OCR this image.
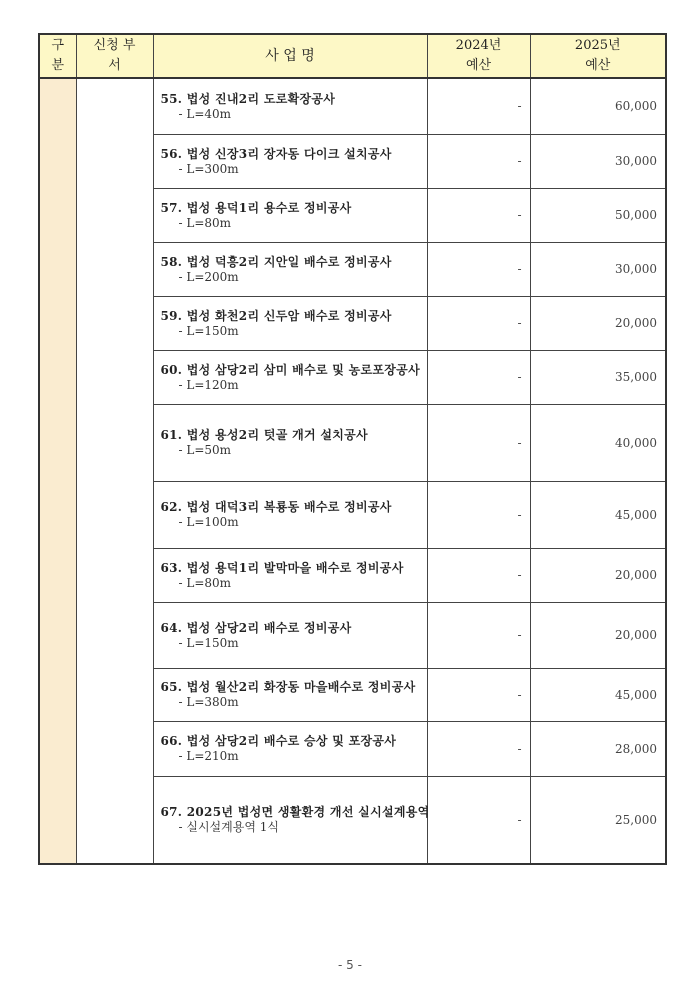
구 분	신청 부서	사 업 명	2024년 예산	2025년 예산

		55. 법성 진내2리 도로확장공사
- L=40m	-	60,000

		56. 법성 신장3리 장자동 다이크 설치공사
- L=300m	-	30,000

		57. 법성 용덕1리 용수로 정비공사
- L=80m	-	50,000

		58. 법성 덕흥2리 지안일 배수로 정비공사
- L=200m	-	30,000

		59. 법성 화천2리 신두암 배수로 정비공사
- L=150m	-	20,000

		60. 법성 삼당2리 삼미 배수로 및 농로포장공사
- L=120m	-	35,000

		61. 법성 용성2리 텃골 개거 설치공사
- L=50m	-	40,000

		62. 법성 대덕3리 복룡동 배수로 정비공사
- L=100m	-	45,000

		63. 법성 용덕1리 발막마을 배수로 정비공사
- L=80m	-	20,000

		64. 법성 삼당2리 배수로 정비공사
- L=150m	-	20,000

		65. 법성 월산2리 화장동 마을배수로 정비공사
- L=380m	-	45,000

		66. 법성 삼당2리 배수로 승상 및 포장공사
- L=210m	-	28,000

		67. 2025년 법성면 생활환경 개선 실시설계용역
- 실시설계용역 1식	-	25,000
- 5 -
